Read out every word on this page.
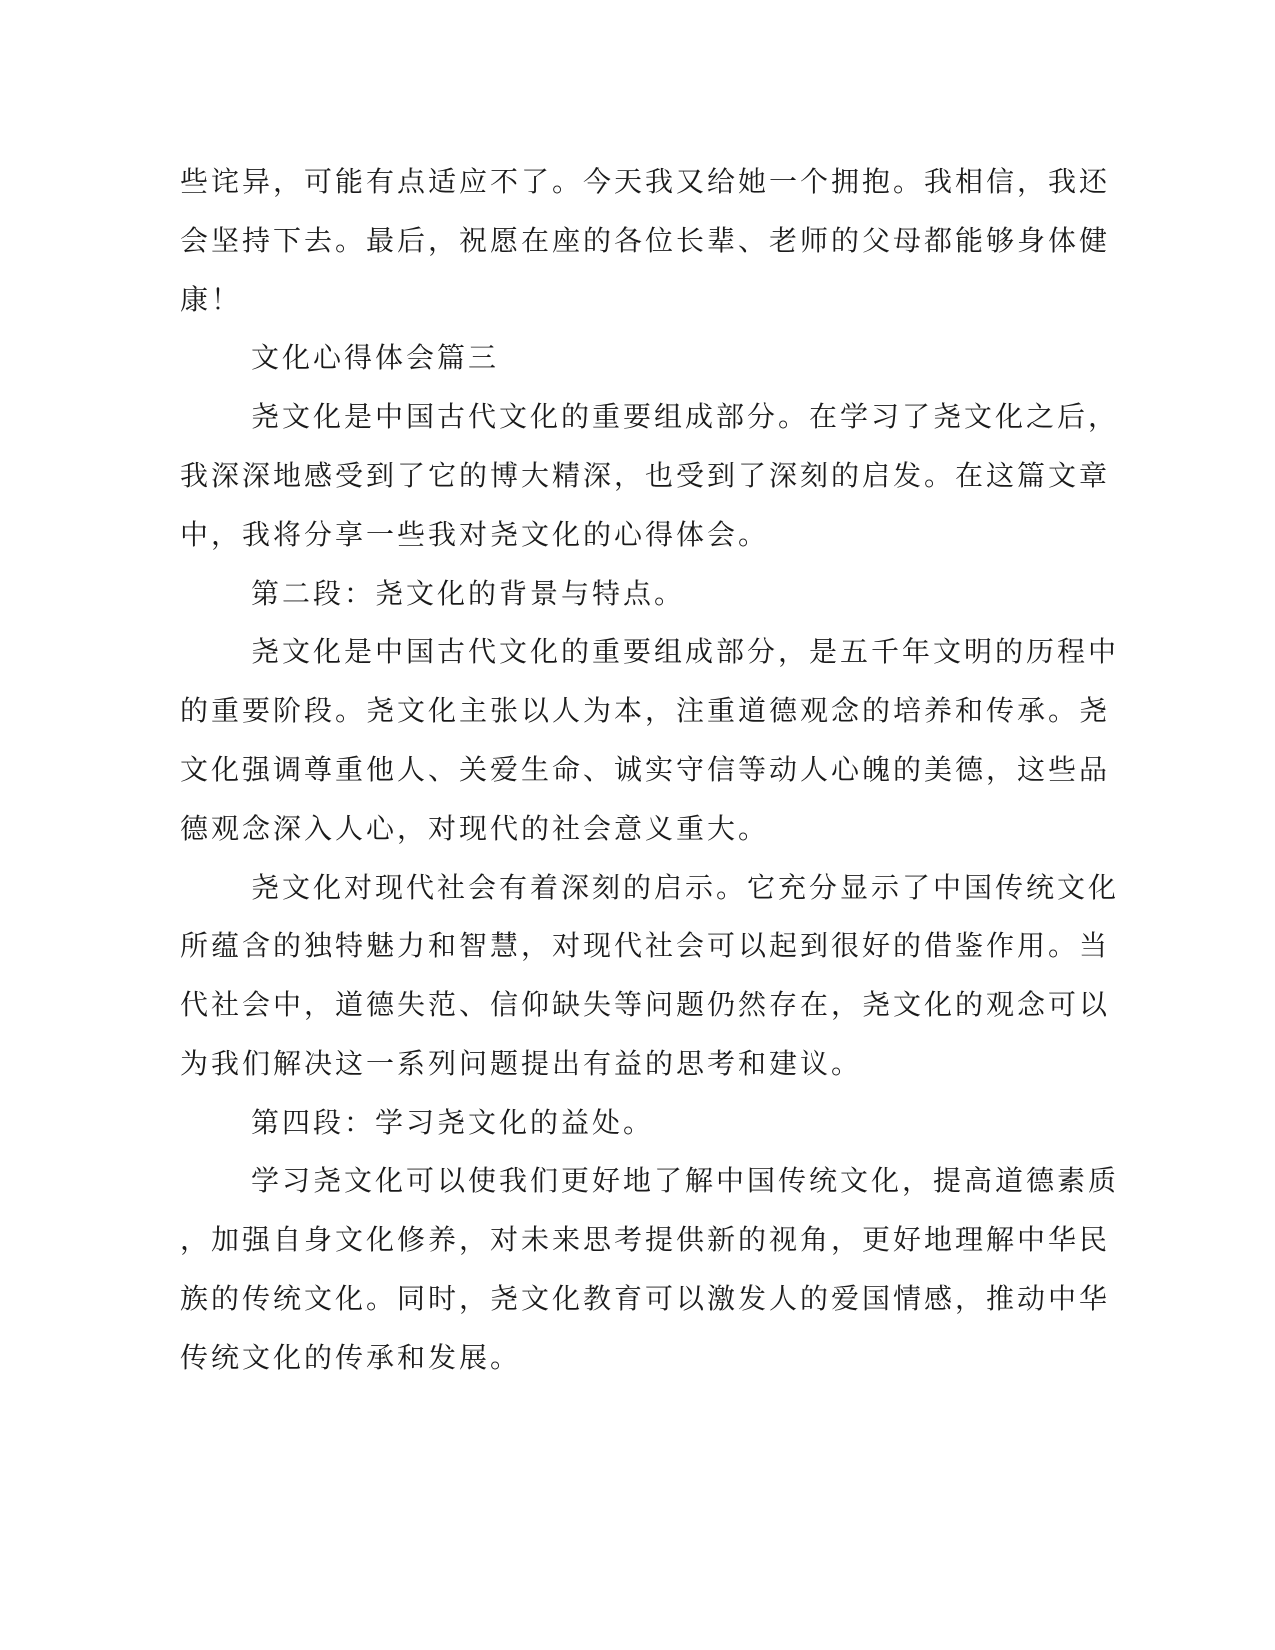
些诧异，可能有点适应不了。今天我又给她一个拥抱。我相信，我还

会坚持下去。最后，祝愿在座的各位长辈、老师的父母都能够身体健

康！

文化心得体会篇三

尧文化是中国古代文化的重要组成部分。在学习了尧文化之后，

我深深地感受到了它的博大精深，也受到了深刻的启发。在这篇文章

中，我将分享一些我对尧文化的心得体会。

第二段：尧文化的背景与特点。

尧文化是中国古代文化的重要组成部分，是五千年文明的历程中

的重要阶段。尧文化主张以人为本，注重道德观念的培养和传承。尧

文化强调尊重他人、关爱生命、诚实守信等动人心魄的美德，这些品

德观念深入人心，对现代的社会意义重大。

尧文化对现代社会有着深刻的启示。它充分显示了中国传统文化

所蕴含的独特魅力和智慧，对现代社会可以起到很好的借鉴作用。当

代社会中，道德失范、信仰缺失等问题仍然存在，尧文化的观念可以

为我们解决这一系列问题提出有益的思考和建议。

第四段：学习尧文化的益处。

学习尧文化可以使我们更好地了解中国传统文化，提高道德素质

，加强自身文化修养，对未来思考提供新的视角，更好地理解中华民

族的传统文化。同时，尧文化教育可以激发人的爱国情感，推动中华

传统文化的传承和发展。
